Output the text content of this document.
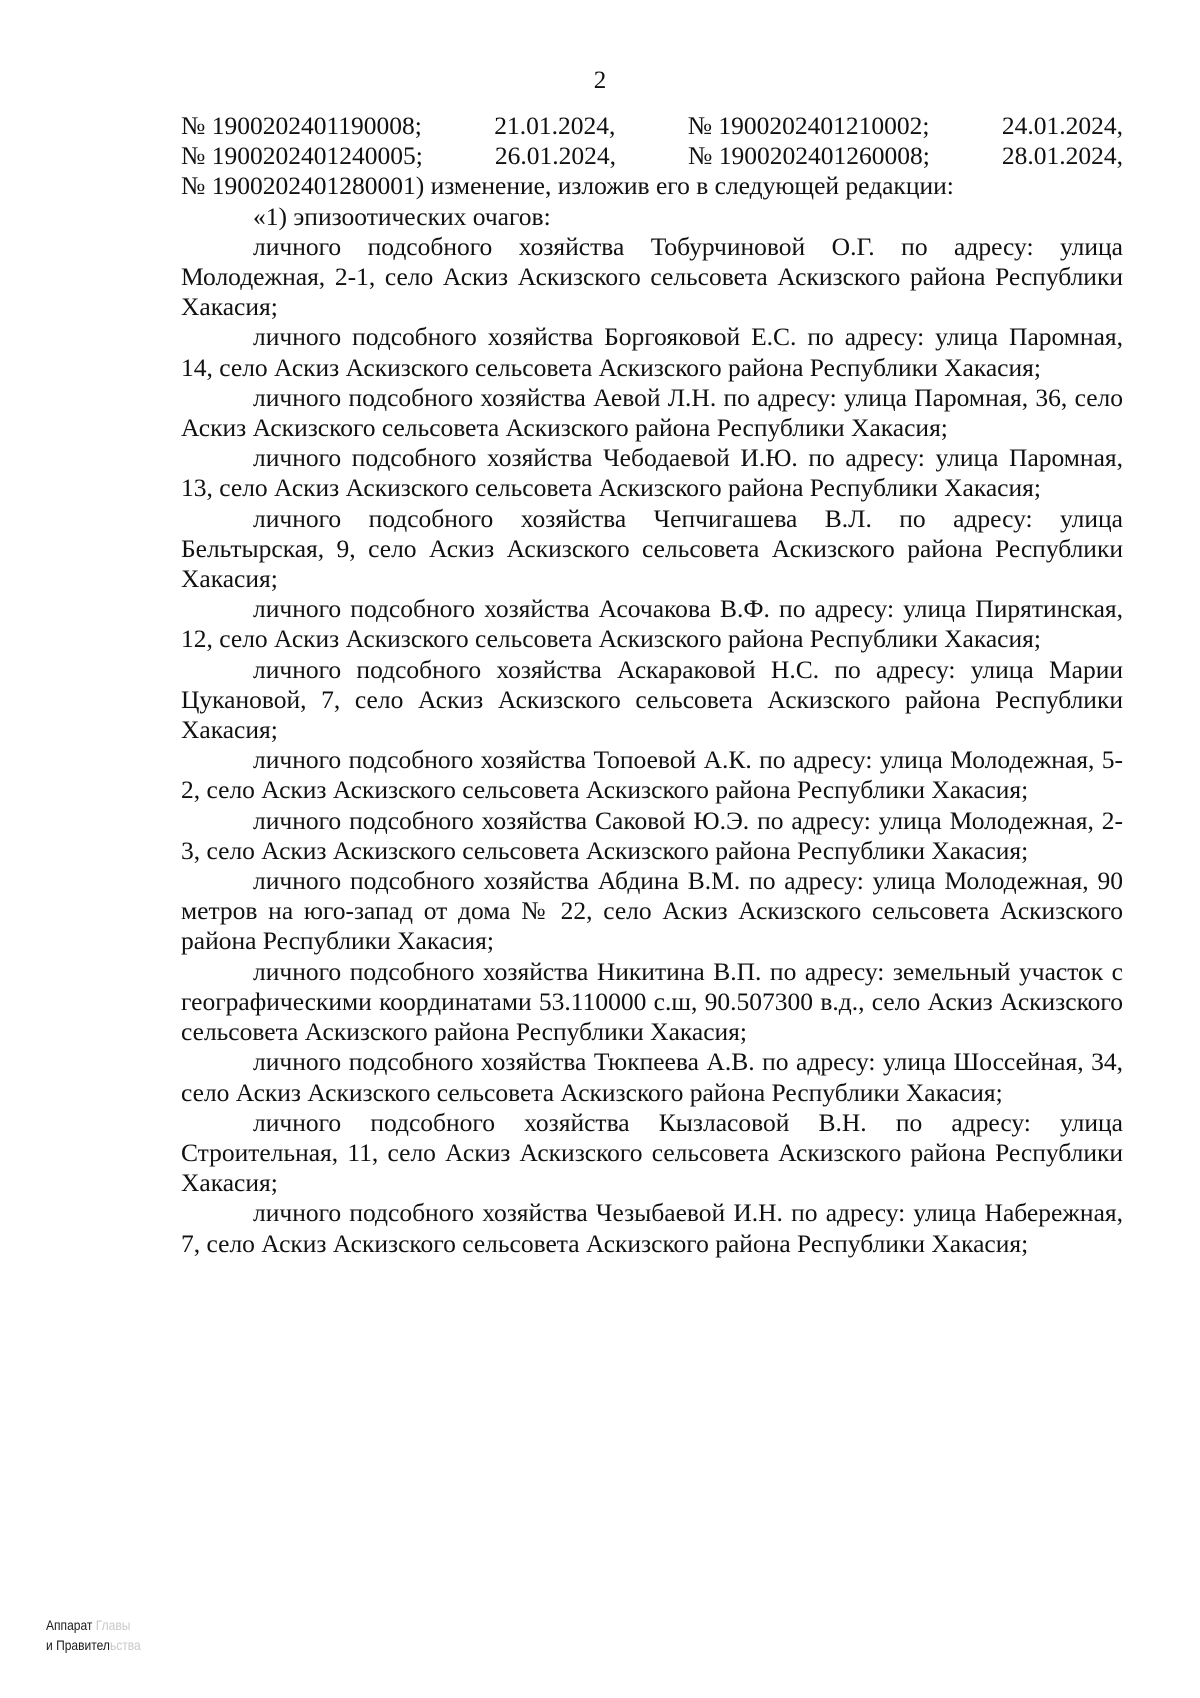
2
№ 1900202401190008;	21.01.2024,	№ 1900202401210002;	24.01.2024,
№ 1900202401240005;	26.01.2024,	№ 1900202401260008;	28.01.2024,

№ 1900202401280001) изменение, изложив его в следующей редакции:

«1) эпизоотических очагов:

личного подсобного хозяйства Тобурчиновой О.Г. по адресу: улица Молодежная, 2-1, село Аскиз Аскизского сельсовета Аскизского района Республики Хакасия;

личного подсобного хозяйства Боргояковой Е.С. по адресу: улица Паромная, 14, село Аскиз Аскизского сельсовета Аскизского района Республики Хакасия;

личного подсобного хозяйства Аевой Л.Н. по адресу: улица Паромная, 36, село Аскиз Аскизского сельсовета Аскизского района Республики Хакасия;

личного подсобного хозяйства Чебодаевой И.Ю. по адресу: улица Паромная, 13, село Аскиз Аскизского сельсовета Аскизского района Республики Хакасия;

личного подсобного хозяйства Чепчигашева В.Л. по адресу: улица Бельтырская, 9, село Аскиз Аскизского сельсовета Аскизского района Республики Хакасия;

личного подсобного хозяйства Асочакова В.Ф. по адресу: улица Пирятинская, 12, село Аскиз Аскизского сельсовета Аскизского района Республики Хакасия;

личного подсобного хозяйства Аскараковой Н.С. по адресу: улица Марии Цукановой, 7, село Аскиз Аскизского сельсовета Аскизского района Республики Хакасия;

личного подсобного хозяйства Топоевой А.К. по адресу: улица Молодежная, 5-2, село Аскиз Аскизского сельсовета Аскизского района Республики Хакасия;

личного подсобного хозяйства Саковой Ю.Э. по адресу: улица Молодежная, 2-3, село Аскиз Аскизского сельсовета Аскизского района Республики Хакасия;

личного подсобного хозяйства Абдина В.М. по адресу: улица Молодежная, 90 метров на юго-запад от дома № 22, село Аскиз Аскизского сельсовета Аскизского района Республики Хакасия;

личного подсобного хозяйства Никитина В.П. по адресу: земельный участок с географическими координатами 53.110000 с.ш, 90.507300 в.д., село Аскиз Аскизского сельсовета Аскизского района Республики Хакасия;

личного подсобного хозяйства Тюкпеева А.В. по адресу: улица Шоссейная, 34, село Аскиз Аскизского сельсовета Аскизского района Республики Хакасия;

личного подсобного хозяйства Кызласовой В.Н. по адресу: улица Строительная, 11, село Аскиз Аскизского сельсовета Аскизского района Республики Хакасия;

личного подсобного хозяйства Чезыбаевой И.Н. по адресу: улица Набережная, 7, село Аскиз Аскизского сельсовета Аскизского района Республики Хакасия;

Аппарат Главы
и Правительства
